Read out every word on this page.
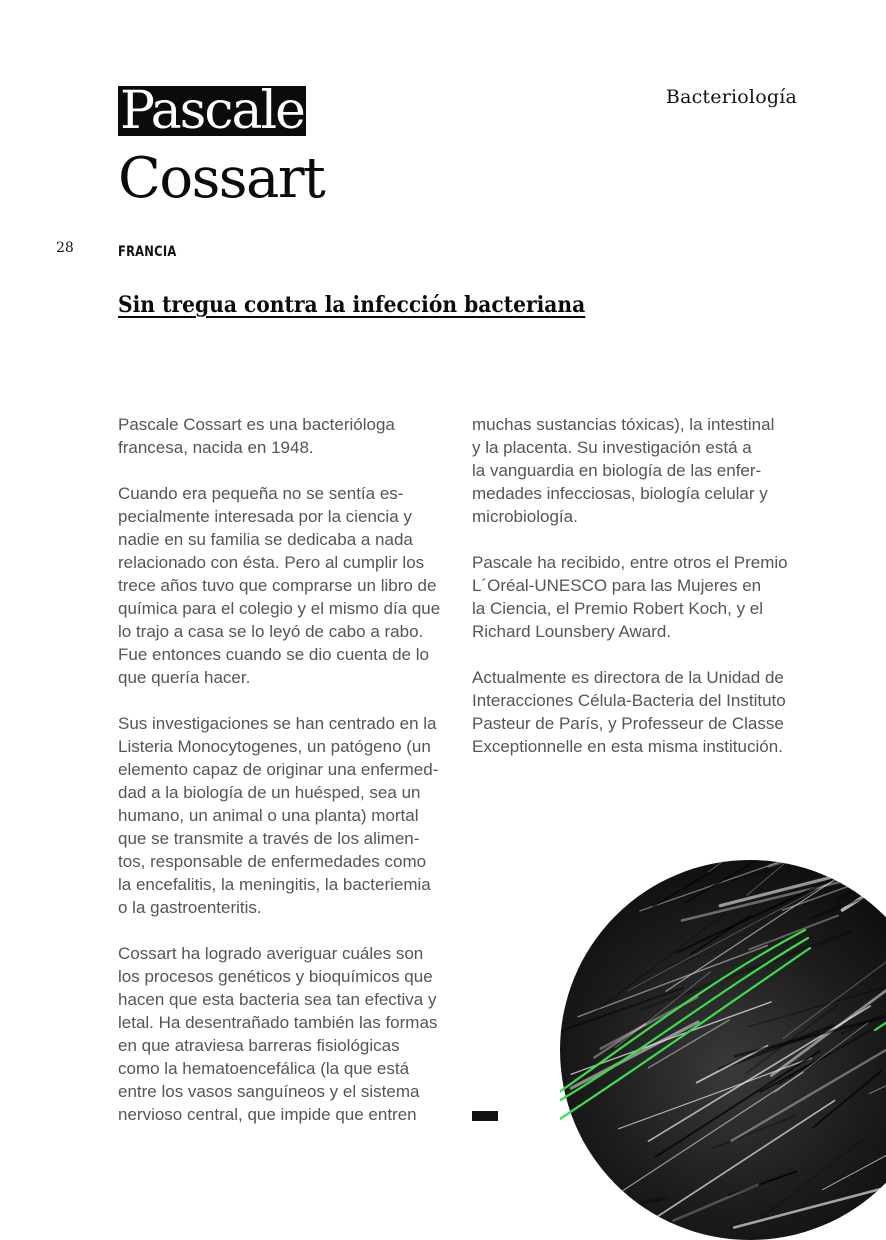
Bacteriología
Pascale
Cossart
28	FRANCIA
Sin tregua contra la infección bacteriana

Pascale Cossart es una bacterióloga
francesa, nacida en 1948.

Cuando era pequeña no se sentía es-
pecialmente interesada por la ciencia y
nadie en su familia se dedicaba a nada
relacionado con ésta. Pero al cumplir los
trece años tuvo que comprarse un libro de
química para el colegio y el mismo día que
lo trajo a casa se lo leyó de cabo a rabo.
Fue entonces cuando se dio cuenta de lo
que quería hacer.

Sus investigaciones se han centrado en la
Listeria Monocytogenes, un patógeno (un
elemento capaz de originar una enfermed-
dad a la biología de un huésped, sea un
humano, un animal o una planta) mortal
que se transmite a través de los alimen-
tos, responsable de enfermedades como
la encefalitis, la meningitis, la bacteriemia
o la gastroenteritis.

Cossart ha logrado averiguar cuáles son
los procesos genéticos y bioquímicos que
hacen que esta bacteria sea tan efectiva y
letal. Ha desentrañado también las formas
en que atraviesa barreras fisiológicas
como la hematoencefálica (la que está
entre los vasos sanguíneos y el sistema
nervioso central, que impide que entren

muchas sustancias tóxicas), la intestinal
y la placenta. Su investigación está a
la vanguardia en biología de las enfer-
medades infecciosas, biología celular y
microbiología.

Pascale ha recibido, entre otros el Premio
L´Oréal-UNESCO para las Mujeres en
la Ciencia, el Premio Robert Koch, y el
Richard Lounsbery Award.

Actualmente es directora de la Unidad de
Interacciones Célula-Bacteria del Instituto
Pasteur de París, y Professeur de Classe
Exceptionnelle en esta misma institución.
